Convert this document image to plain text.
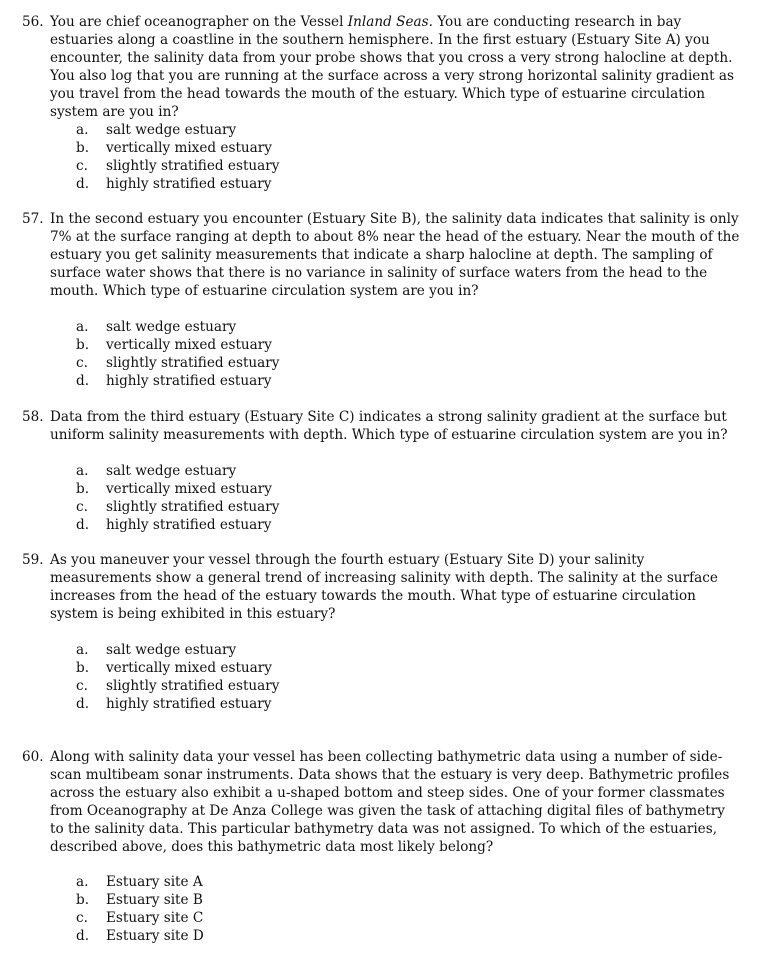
56. You are chief oceanographer on the Vessel Inland Seas. You are conducting research in bay estuaries along a coastline in the southern hemisphere. In the first estuary (Estuary Site A) you encounter, the salinity data from your probe shows that you cross a very strong halocline at depth. You also log that you are running at the surface across a very strong horizontal salinity gradient as you travel from the head towards the mouth of the estuary. Which type of estuarine circulation system are you in?
a. salt wedge estuary
b. vertically mixed estuary
c. slightly stratified estuary
d. highly stratified estuary
57. In the second estuary you encounter (Estuary Site B), the salinity data indicates that salinity is only 7% at the surface ranging at depth to about 8% near the head of the estuary. Near the mouth of the estuary you get salinity measurements that indicate a sharp halocline at depth. The sampling of surface water shows that there is no variance in salinity of surface waters from the head to the mouth. Which type of estuarine circulation system are you in?
a. salt wedge estuary
b. vertically mixed estuary
c. slightly stratified estuary
d. highly stratified estuary
58. Data from the third estuary (Estuary Site C) indicates a strong salinity gradient at the surface but uniform salinity measurements with depth. Which type of estuarine circulation system are you in?
a. salt wedge estuary
b. vertically mixed estuary
c. slightly stratified estuary
d. highly stratified estuary
59. As you maneuver your vessel through the fourth estuary (Estuary Site D) your salinity measurements show a general trend of increasing salinity with depth. The salinity at the surface increases from the head of the estuary towards the mouth. What type of estuarine circulation system is being exhibited in this estuary?
a. salt wedge estuary
b. vertically mixed estuary
c. slightly stratified estuary
d. highly stratified estuary
60. Along with salinity data your vessel has been collecting bathymetric data using a number of side-scan multibeam sonar instruments. Data shows that the estuary is very deep. Bathymetric profiles across the estuary also exhibit a u-shaped bottom and steep sides. One of your former classmates from Oceanography at De Anza College was given the task of attaching digital files of bathymetry to the salinity data. This particular bathymetry data was not assigned. To which of the estuaries, described above, does this bathymetric data most likely belong?
a. Estuary site A
b. Estuary site B
c. Estuary site C
d. Estuary site D
